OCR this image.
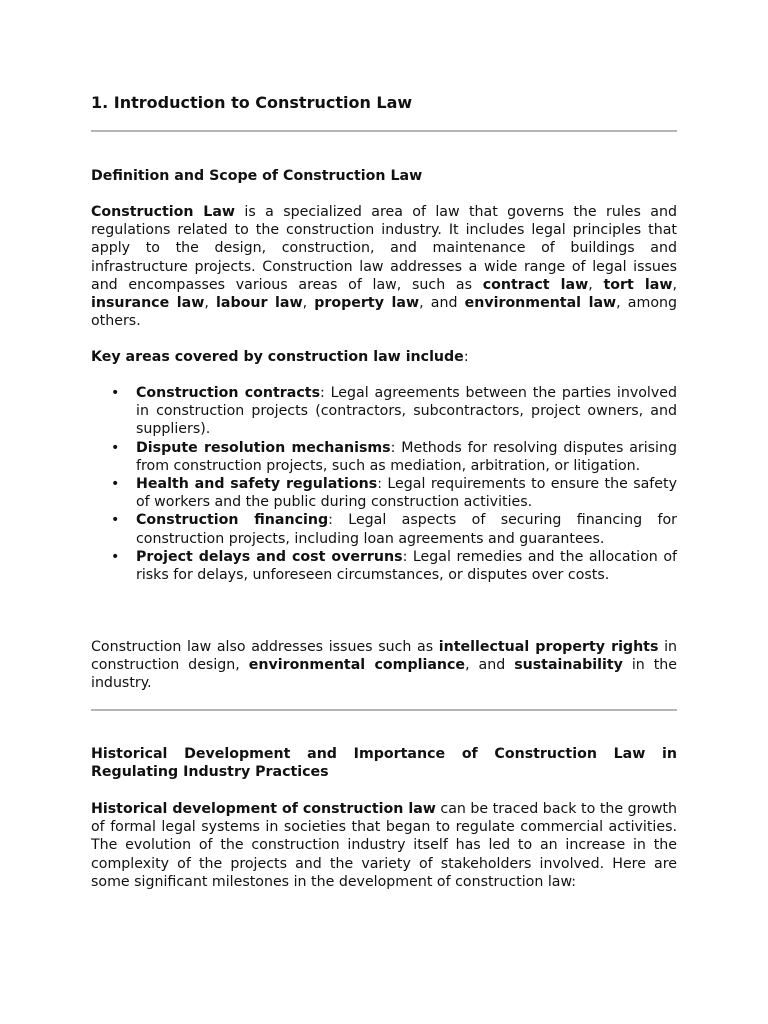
1. Introduction to Construction Law

Definition and Scope of Construction Law

Construction Law is a specialized area of law that governs the rules and regulations related to the construction industry. It includes legal principles that apply to the design, construction, and maintenance of buildings and infrastructure projects. Construction law addresses a wide range of legal issues and encompasses various areas of law, such as contract law, tort law, insurance law, labour law, property law, and environmental law, among others.

Key areas covered by construction law include:

• Construction contracts: Legal agreements between the parties involved in construction projects (contractors, subcontractors, project owners, and suppliers).
• Dispute resolution mechanisms: Methods for resolving disputes arising from construction projects, such as mediation, arbitration, or litigation.
• Health and safety regulations: Legal requirements to ensure the safety of workers and the public during construction activities.
• Construction financing: Legal aspects of securing financing for construction projects, including loan agreements and guarantees.
• Project delays and cost overruns: Legal remedies and the allocation of risks for delays, unforeseen circumstances, or disputes over costs.

Construction law also addresses issues such as intellectual property rights in construction design, environmental compliance, and sustainability in the industry.

Historical Development and Importance of Construction Law in Regulating Industry Practices

Historical development of construction law can be traced back to the growth of formal legal systems in societies that began to regulate commercial activities. The evolution of the construction industry itself has led to an increase in the complexity of the projects and the variety of stakeholders involved. Here are some significant milestones in the development of construction law:
